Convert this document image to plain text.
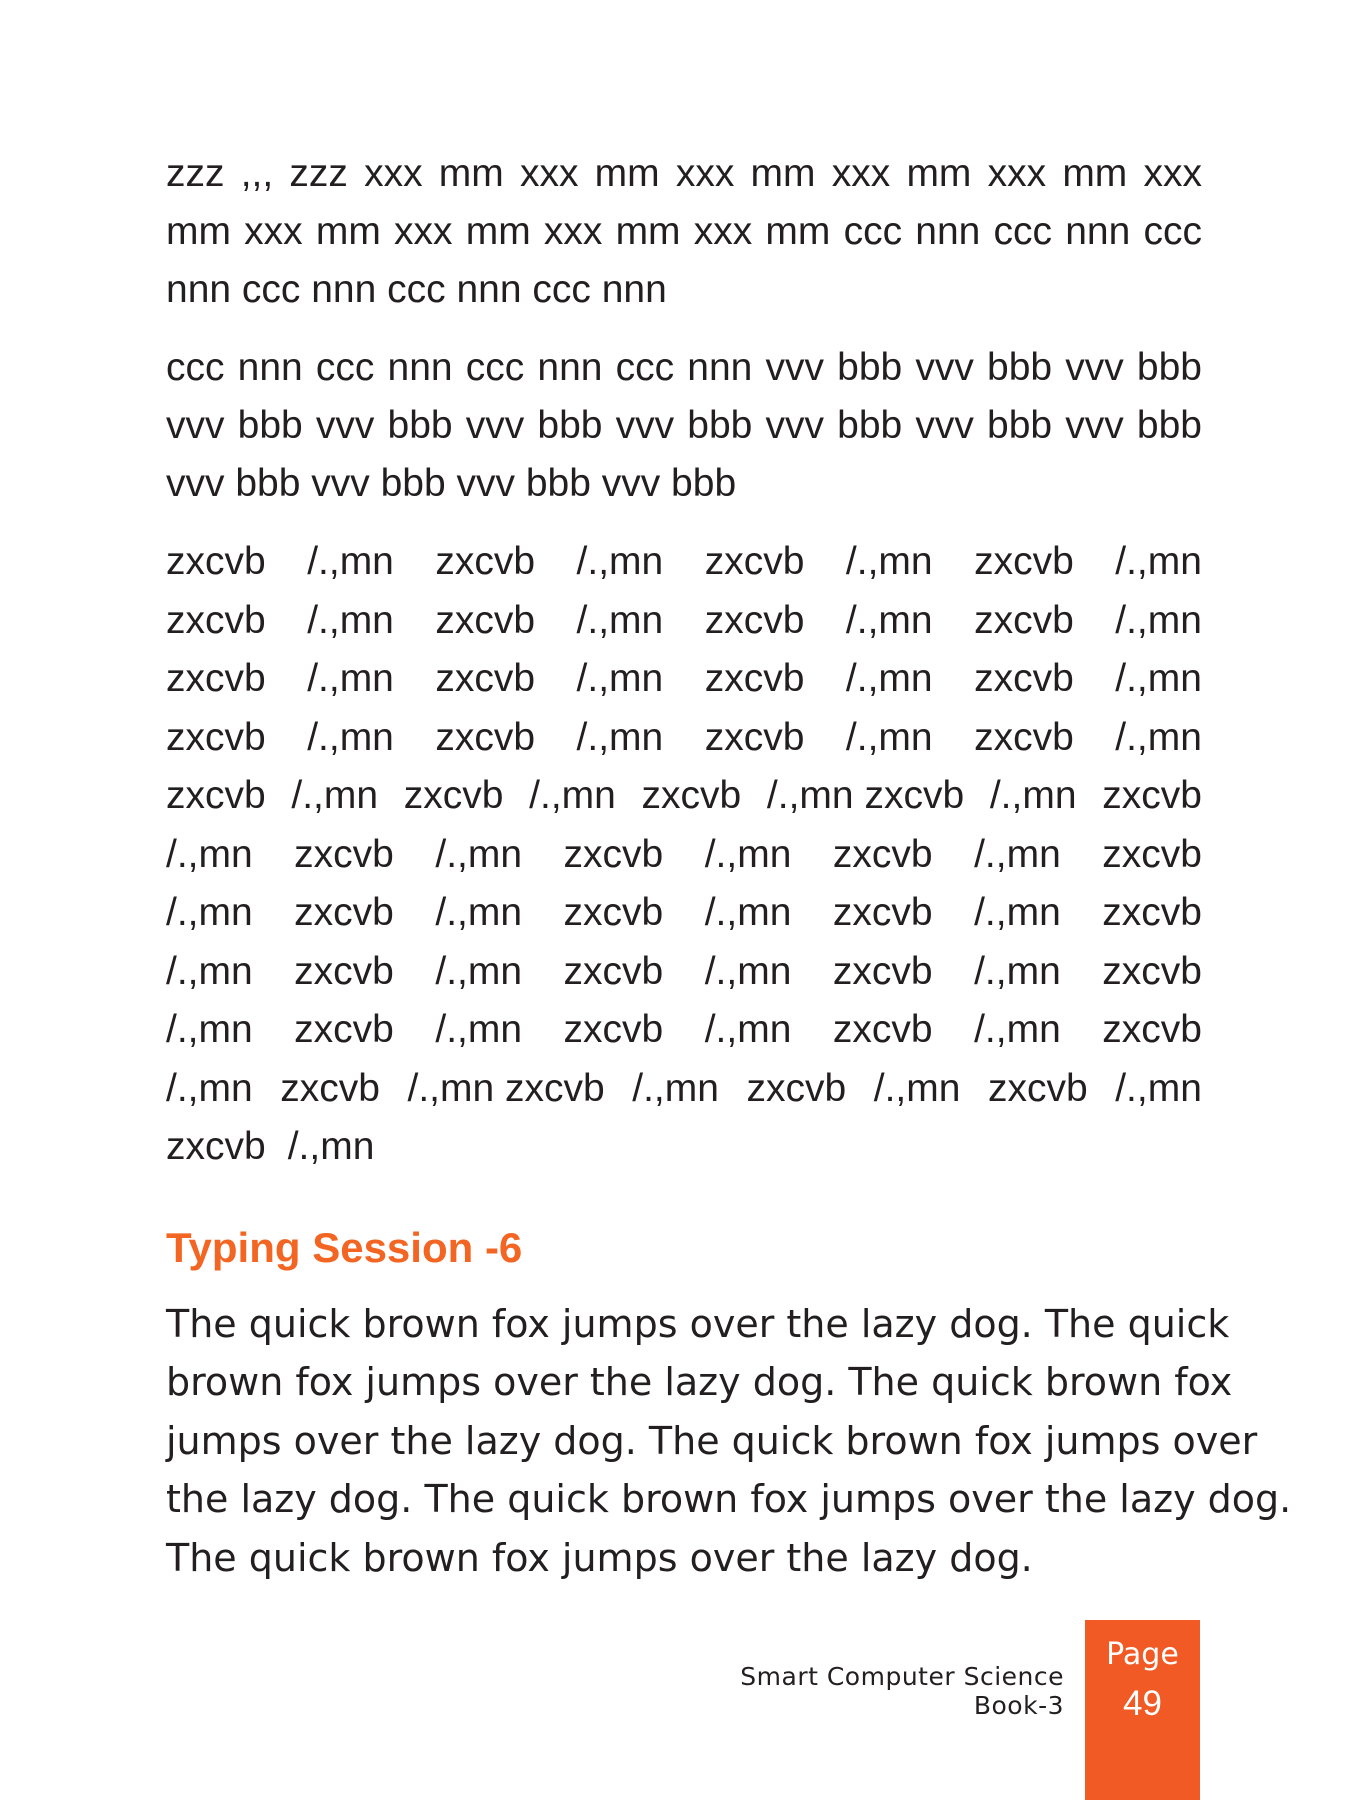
zzz ,,, zzz xxx mm xxx mm xxx mm xxx mm xxx mm xxx
mm xxx mm xxx mm xxx mm xxx mm ccc nnn ccc nnn ccc
nnn ccc nnn ccc nnn ccc nnn
ccc nnn ccc nnn ccc nnn ccc nnn vvv bbb vvv bbb vvv bbb
vvv bbb vvv bbb vvv bbb vvv bbb vvv bbb vvv bbb vvv bbb
vvv bbb vvv bbb vvv bbb vvv bbb
zxcvb /.,mn zxcvb /.,mn zxcvb /.,mn zxcvb /.,mn
zxcvb /.,mn zxcvb /.,mn zxcvb /.,mn zxcvb /.,mn
zxcvb /.,mn zxcvb /.,mn zxcvb /.,mn zxcvb /.,mn
zxcvb /.,mn zxcvb /.,mn zxcvb /.,mn zxcvb /.,mn
zxcvb /.,mn zxcvb /.,mn zxcvb /.,mn zxcvb /.,mn zxcvb
/.,mn zxcvb /.,mn zxcvb /.,mn zxcvb /.,mn zxcvb
/.,mn zxcvb /.,mn zxcvb /.,mn zxcvb /.,mn zxcvb
/.,mn zxcvb /.,mn zxcvb /.,mn zxcvb /.,mn zxcvb
/.,mn zxcvb /.,mn zxcvb /.,mn zxcvb /.,mn zxcvb
/.,mn zxcvb /.,mn zxcvb /.,mn zxcvb /.,mn zxcvb /.,mn
zxcvb /.,mn
Typing Session -6
The quick brown fox jumps over the lazy dog. The quick
brown fox jumps over the lazy dog. The quick brown fox
jumps over the lazy dog. The quick brown fox jumps over
the lazy dog. The quick brown fox jumps over the lazy dog.
The quick brown fox jumps over the lazy dog.
Smart Computer Science Book-3
Page
49
